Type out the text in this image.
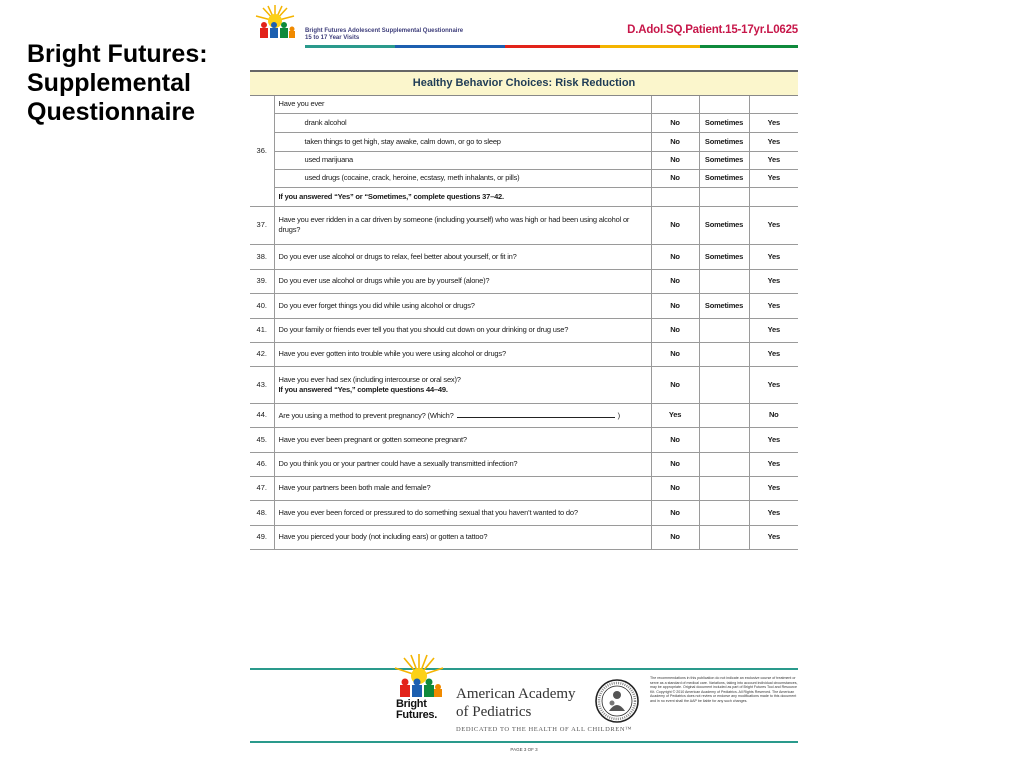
Bright Futures:
Supplemental
Questionnaire
Bright Futures Adolescent Supplemental Questionnaire
15 to 17 Year Visits
D.Adol.SQ.Patient.15-17yr.L0625
Healthy Behavior Choices: Risk Reduction				
36.	Have you ever			
	drank alcohol	No	Sometimes	Yes
	taken things to get high, stay awake, calm down, or go to sleep	No	Sometimes	Yes
	used marijuana	No	Sometimes	Yes
	used drugs (cocaine, crack, heroine, ecstasy, meth inhalants, or pills)	No	Sometimes	Yes
	If you answered “Yes” or “Sometimes,” complete questions 37–42.			
37.	Have you ever ridden in a car driven by someone (including yourself) who was high or had been using alcohol or drugs?	No	Sometimes	Yes
38.	Do you ever use alcohol or drugs to relax, feel better about yourself, or fit in?	No	Sometimes	Yes
39.	Do you ever use alcohol or drugs while you are by yourself (alone)?	No		Yes
40.	Do you ever forget things you did while using alcohol or drugs?	No	Sometimes	Yes
41.	Do your family or friends ever tell you that you should cut down on your drinking or drug use?	No		Yes
42.	Have you ever gotten into trouble while you were using alcohol or drugs?	No		Yes
43.	Have you ever had sex (including intercourse or oral sex)?
If you answered “Yes,” complete questions 44–49.	No		Yes
44.	Are you using a method to prevent pregnancy? (Which? )	Yes		No
45.	Have you ever been pregnant or gotten someone pregnant?	No		Yes
46.	Do you think you or your partner could have a sexually transmitted infection?	No		Yes
47.	Have your partners been both male and female?	No		Yes
48.	Have you ever been forced or pressured to do something sexual that you haven’t wanted to do?	No		Yes
49.	Have you pierced your body (not including ears) or gotten a tattoo?	No		Yes
Bright
Futures.
American Academy
of Pediatrics
DEDICATED TO THE HEALTH OF ALL CHILDREN™
The recommendations in this publication do not indicate an exclusive course of treatment or serve as a standard of medical care. Variations, taking into account individual circumstances, may be appropriate. Original document included as part of Bright Futures Tool and Resource Kit. Copyright © 2010 American Academy of Pediatrics. All Rights Reserved. The American Academy of Pediatrics does not review or endorse any modifications made to this document and in no event shall the AAP be liable for any such changes.
PAGE 3 OF 3
